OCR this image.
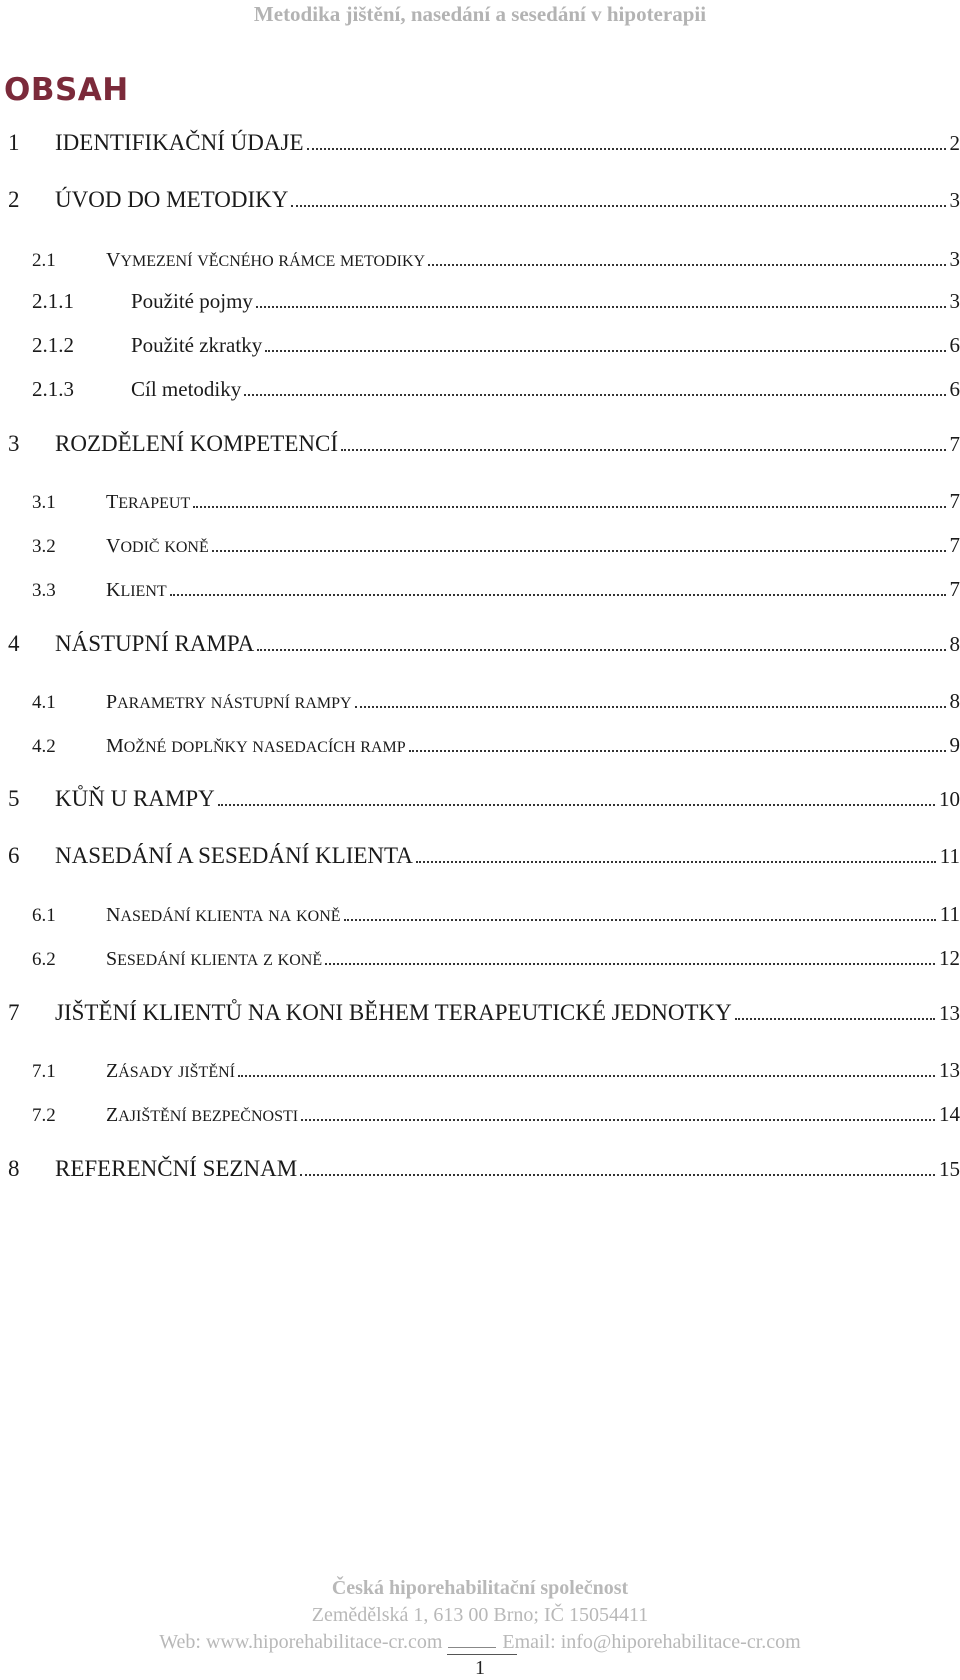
Metodika jištění, nasedání a sesedání v hipoterapii
OBSAH
1	IDENTIFIKAČNÍ ÚDAJE	2
2	ÚVOD DO METODIKY	3
2.1	VYMEZENÍ VĚCNÉHO RÁMCE METODIKY	3
2.1.1	Použité pojmy	3
2.1.2	Použité zkratky	6
2.1.3	Cíl metodiky	6
3	ROZDĚLENÍ KOMPETENCÍ	7
3.1	TERAPEUT	7
3.2	VODIČ KONĚ	7
3.3	KLIENT	7
4	NÁSTUPNÍ RAMPA	8
4.1	PARAMETRY NÁSTUPNÍ RAMPY	8
4.2	MOŽNÉ DOPLŇKY NASEDACÍCH RAMP	9
5	KŮŇ U RAMPY	10
6	NASEDÁNÍ A SESEDÁNÍ KLIENTA	11
6.1	NASEDÁNÍ KLIENTA NA KONĚ	11
6.2	SESEDÁNÍ KLIENTA Z KONĚ	12
7	JIŠTĚNÍ KLIENTŮ NA KONI BĚHEM TERAPEUTICKÉ JEDNOTKY	13
7.1	ZÁSADY JIŠTĚNÍ	13
7.2	ZAJIŠTĚNÍ BEZPEČNOSTI	14
8	REFERENČNÍ SEZNAM	15
Česká hiporehabilitační společnost
Zemědělská 1, 613 00 Brno; IČ 15054411
Web: www.hiporehabilitace-cr.com	Email: info@hiporehabilitace-cr.com
1
